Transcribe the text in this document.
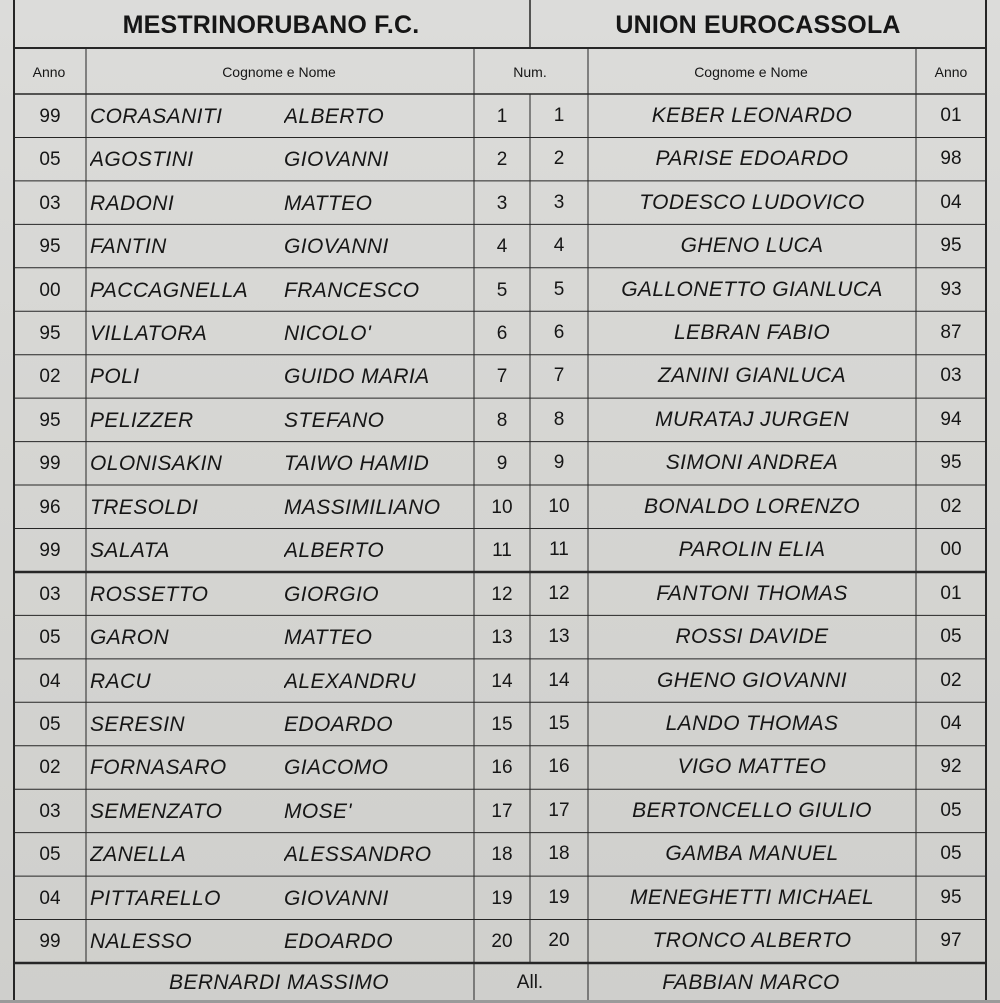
MESTRINORUBANO F.C.	UNION EUROCASSOLA
Anno	Cognome e Nome	Num.	Cognome e Nome	Anno
99	CORASANITI	ALBERTO	1	1	KEBER LEONARDO	01
05	AGOSTINI	GIOVANNI	2	2	PARISE EDOARDO	98
03	RADONI	MATTEO	3	3	TODESCO LUDOVICO	04
95	FANTIN	GIOVANNI	4	4	GHENO LUCA	95
00	PACCAGNELLA	FRANCESCO	5	5	GALLONETTO GIANLUCA	93
95	VILLATORA	NICOLO'	6	6	LEBRAN FABIO	87
02	POLI	GUIDO MARIA	7	7	ZANINI GIANLUCA	03
95	PELIZZER	STEFANO	8	8	MURATAJ JURGEN	94
99	OLONISAKIN	TAIWO HAMID	9	9	SIMONI ANDREA	95
96	TRESOLDI	MASSIMILIANO	10	10	BONALDO LORENZO	02
99	SALATA	ALBERTO	11	11	PAROLIN ELIA	00
03	ROSSETTO	GIORGIO	12	12	FANTONI THOMAS	01
05	GARON	MATTEO	13	13	ROSSI DAVIDE	05
04	RACU	ALEXANDRU	14	14	GHENO GIOVANNI	02
05	SERESIN	EDOARDO	15	15	LANDO THOMAS	04
02	FORNASARO	GIACOMO	16	16	VIGO MATTEO	92
03	SEMENZATO	MOSE'	17	17	BERTONCELLO GIULIO	05
05	ZANELLA	ALESSANDRO	18	18	GAMBA MANUEL	05
04	PITTARELLO	GIOVANNI	19	19	MENEGHETTI MICHAEL	95
99	NALESSO	EDOARDO	20	20	TRONCO ALBERTO	97
BERNARDI MASSIMO	All.	FABBIAN MARCO
